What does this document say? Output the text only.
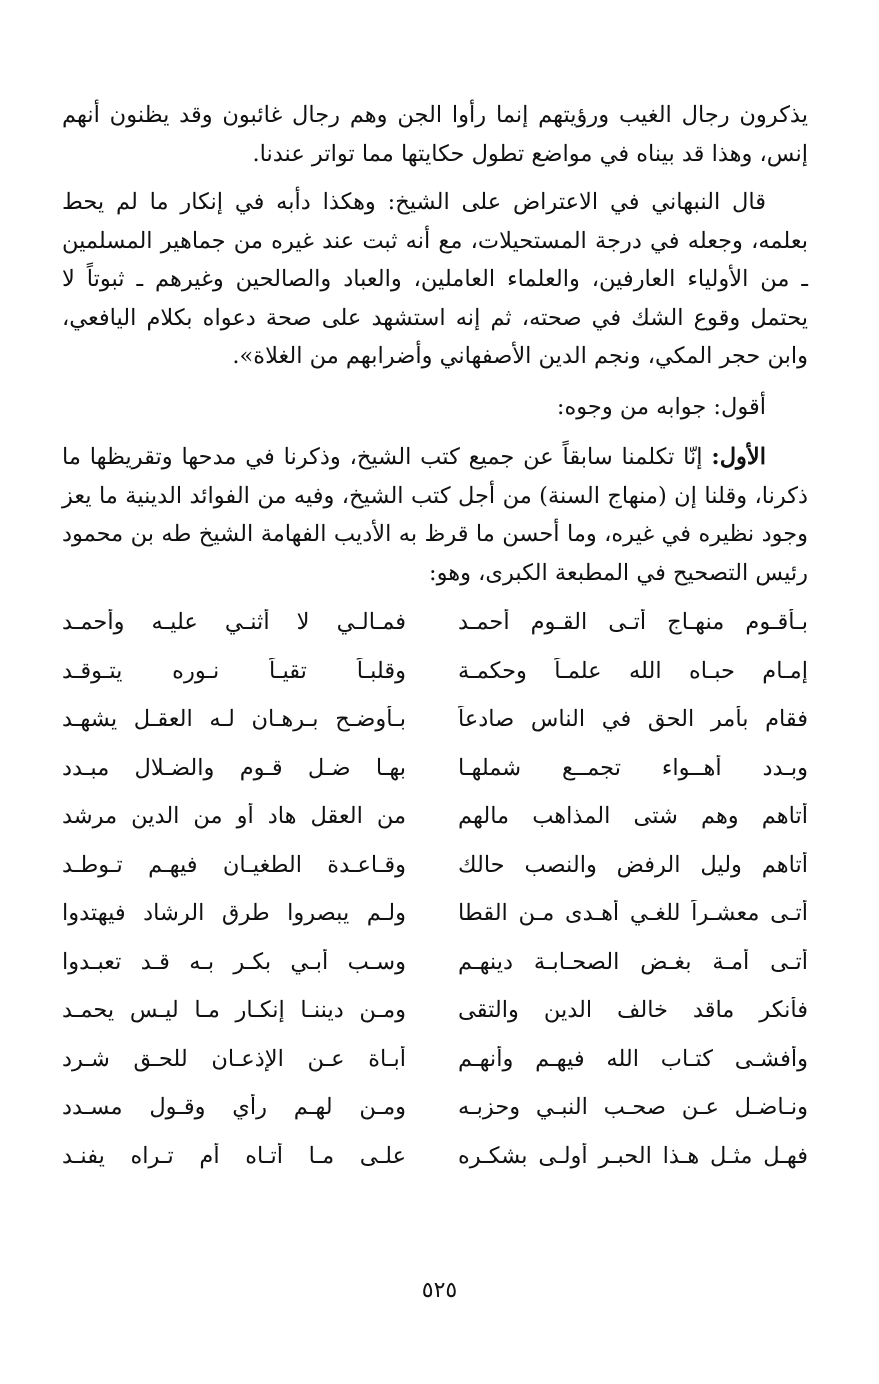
يذكرون رجال الغيب ورؤيتهم إنما رأوا الجن وهم رجال غائبون وقد يظنون أنهم إنس، وهذا قد بيناه في مواضع تطول حكايتها مما تواتر عندنا.

قال النبهاني في الاعتراض على الشيخ: وهكذا دأبه في إنكار ما لم يحط بعلمه، وجعله في درجة المستحيلات، مع أنه ثبت عند غيره من جماهير المسلمين ـ من الأولياء العارفين، والعلماء العاملين، والعباد والصالحين وغيرهم ـ ثبوتاً لا يحتمل وقوع الشك في صحته، ثم إنه استشهد على صحة دعواه بكلام اليافعي، وابن حجر المكي، ونجم الدين الأصفهاني وأضرابهم من الغلاة».

أقول: جوابه من وجوه:

الأول: إنّا تكلمنا سابقاً عن جميع كتب الشيخ، وذكرنا في مدحها وتقريظها ما ذكرنا، وقلنا إن (منهاج السنة) من أجل كتب الشيخ، وفيه من الفوائد الدينية ما يعز وجود نظيره في غيره، وما أحسن ما قرظ به الأديب الفهامة الشيخ طه بن محمود رئيس التصحيح في المطبعة الكبرى، وهو:

بـأقـوم منهـاج أتـى القـوم أحمـد
فمـالـي لا أثنـي عليـه وأحمـد
إمـام حبـاه الله علمـاً وحكمـة
وقلبـاً تقيـاً نـوره يتـوقـد
فقام بأمر الحق في الناس صادعاً
بـأوضـح بـرهـان لـه العقـل يشهـد
وبـدد أهــواء تجمــع شملهـا
بهـا ضـل قـوم والضـلال مبـدد
أتاهم وهم شتى المذاهب مالهم
من العقل هاد أو من الدين مرشد
أتاهم وليل الرفض والنصب حالك
وقـاعـدة الطغيـان فيهـم تـوطـد
أتـى معشـراً للغـي أهـدى مـن القطا
ولـم يبصروا طرق الرشاد فيهتدوا
أتـى أمـة بغـض الصحـابـة دينهـم
وسـب أبـي بكـر بـه قـد تعبـدوا
فأنكر ماقد خالف الدين والتقى
ومـن ديننـا إنكـار مـا ليـس يحمـد
وأفشـى كتـاب الله فيهـم وأنهـم
أبـاة عـن الإذعـان للحـق شـرد
ونـاضـل عـن صحـب النبـي وحزبـه
ومـن لهـم رأي وقـول مسـدد
فهـل مثـل هـذا الحبـر أولـى بشكـره
علـى مـا أتـاه أم تـراه يفنـد
٥٢٥
